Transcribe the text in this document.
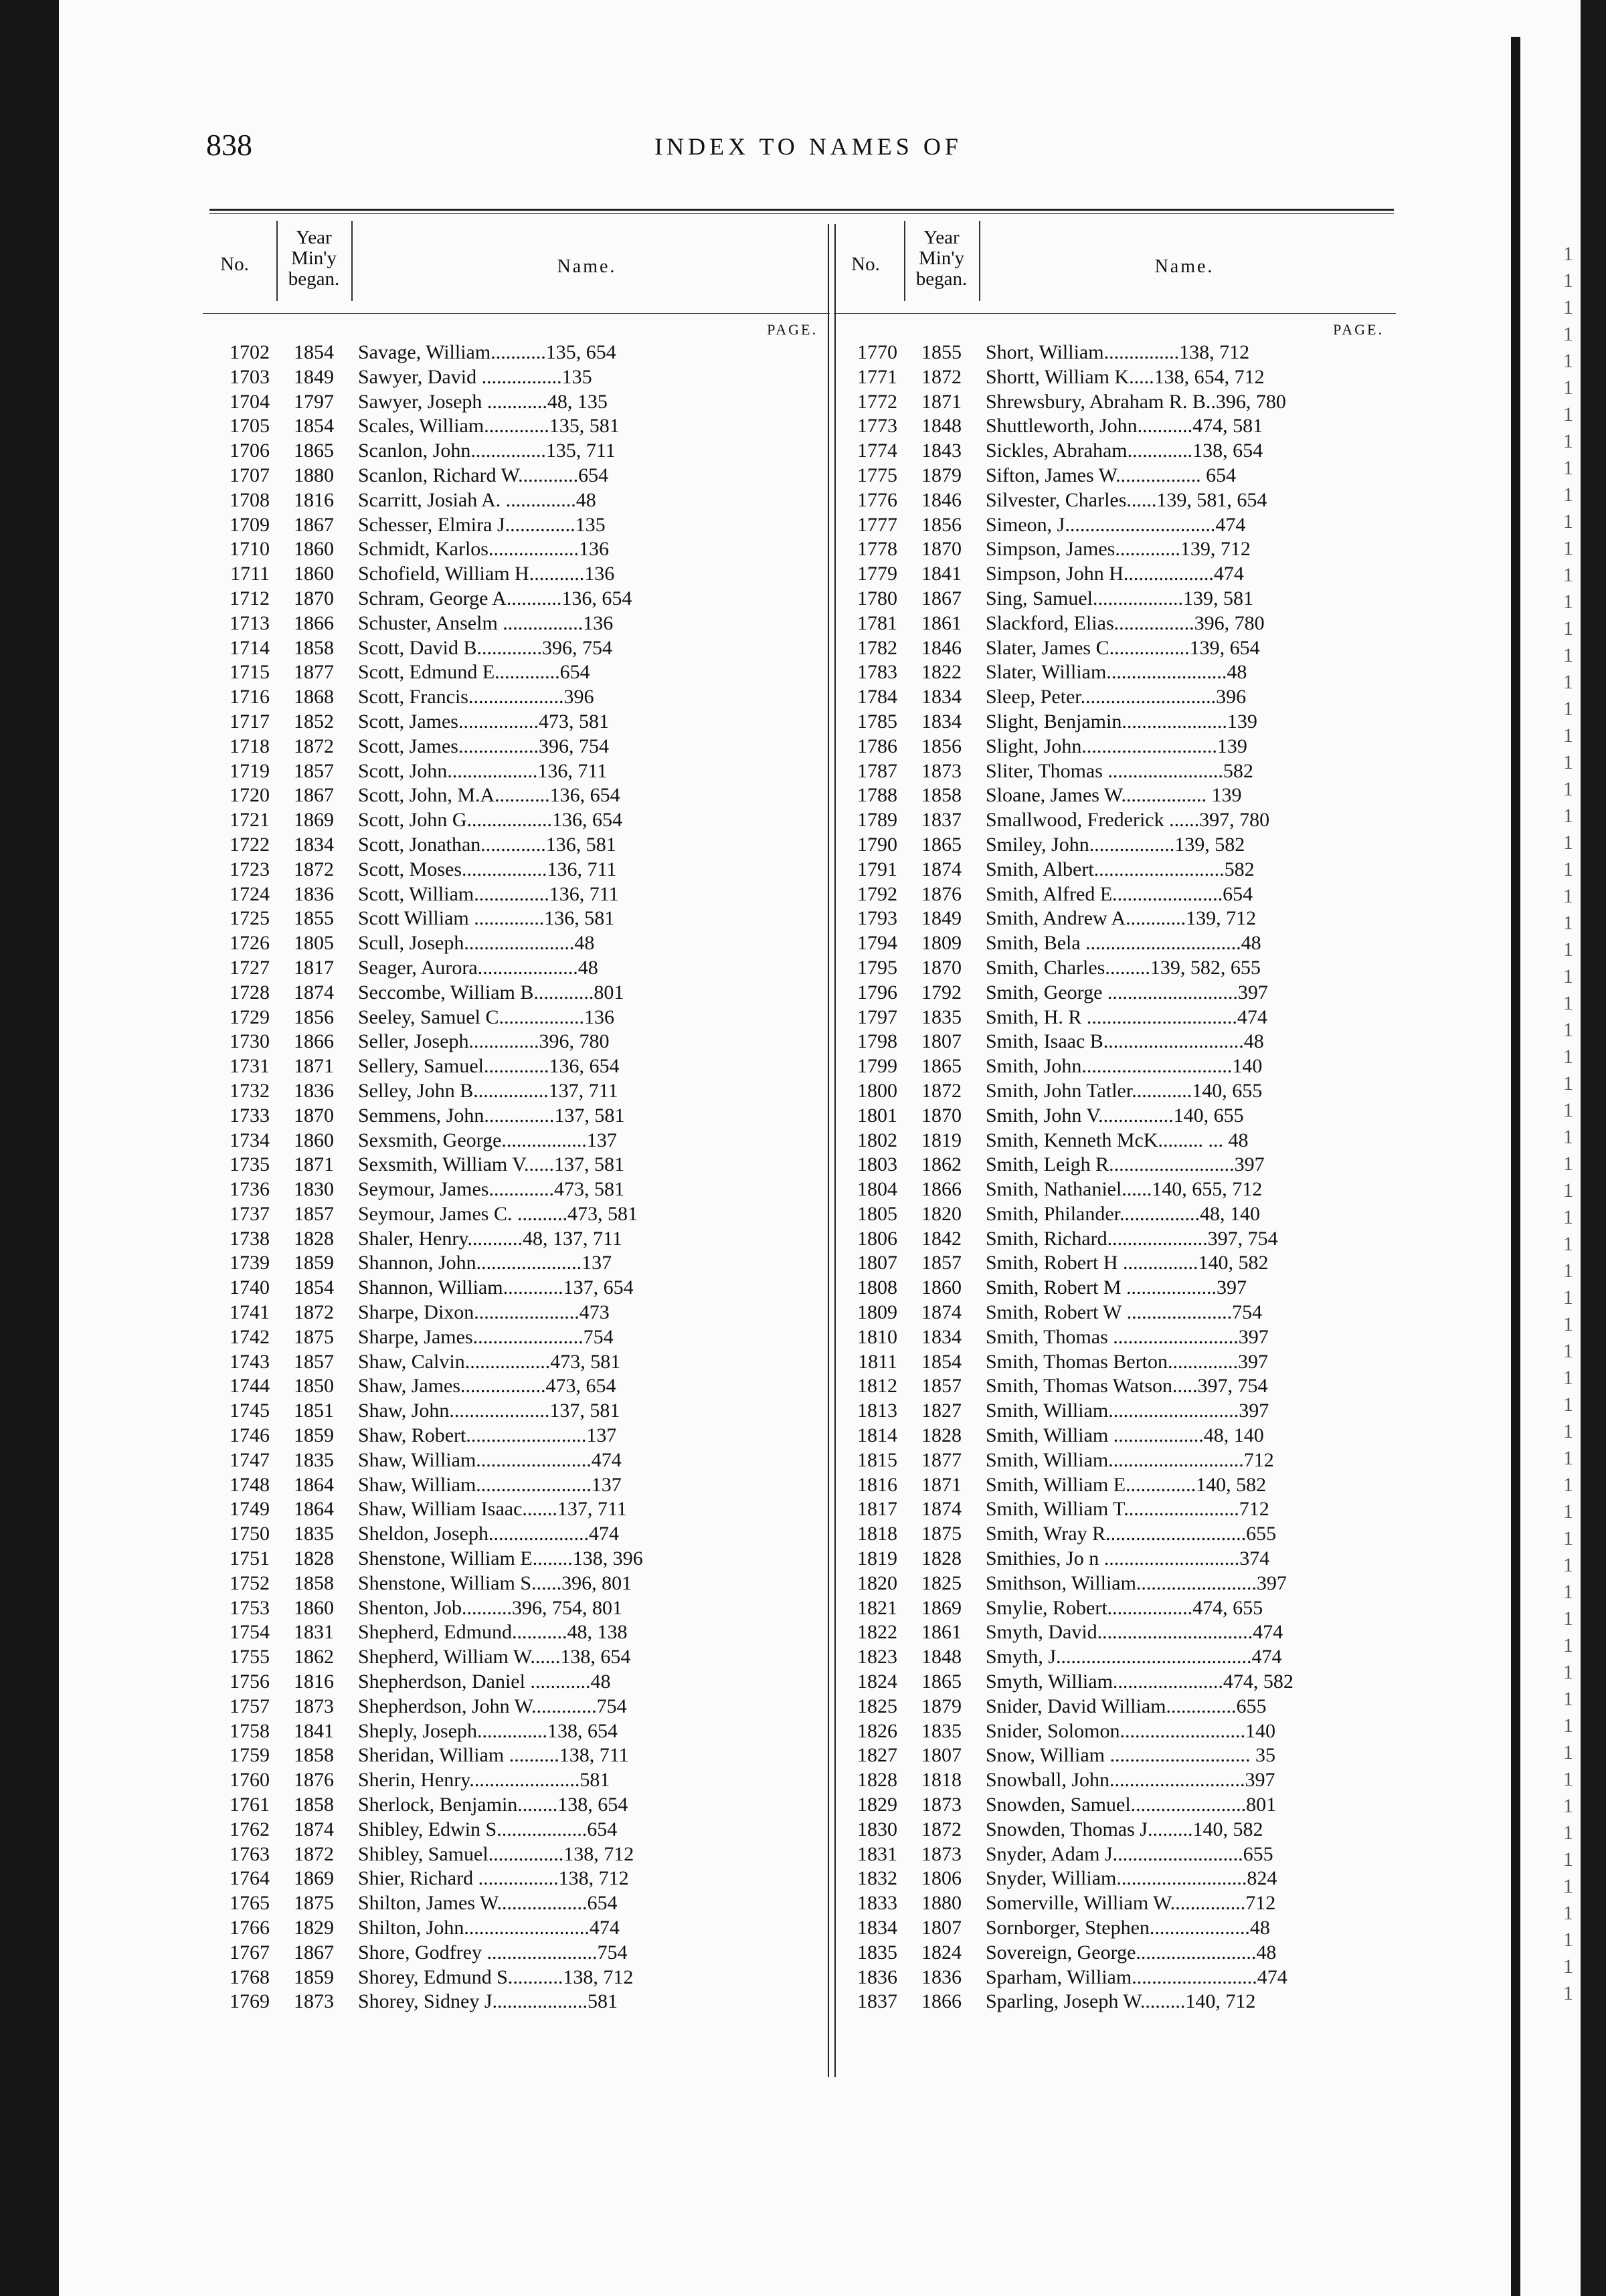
838	INDEX TO NAMES OF
No.
Year
Min'y
began.
Name.
PAGE.
1702	1854	Savage, William...........135, 654
1703	1849	Sawyer, David ................135
1704	1797	Sawyer, Joseph ............48, 135
1705	1854	Scales, William.............135, 581
1706	1865	Scanlon, John...............135, 711
1707	1880	Scanlon, Richard W............654
1708	1816	Scarritt, Josiah A. ..............48
1709	1867	Schesser, Elmira J..............135
1710	1860	Schmidt, Karlos..................136
1711	1860	Schofield, William H...........136
1712	1870	Schram, George A...........136, 654
1713	1866	Schuster, Anselm ................136
1714	1858	Scott, David B.............396, 754
1715	1877	Scott, Edmund E.............654
1716	1868	Scott, Francis...................396
1717	1852	Scott, James................473, 581
1718	1872	Scott, James................396, 754
1719	1857	Scott, John..................136, 711
1720	1867	Scott, John, M.A...........136, 654
1721	1869	Scott, John G.................136, 654
1722	1834	Scott, Jonathan.............136, 581
1723	1872	Scott, Moses.................136, 711
1724	1836	Scott, William...............136, 711
1725	1855	Scott William ..............136, 581
1726	1805	Scull, Joseph......................48
1727	1817	Seager, Aurora....................48
1728	1874	Seccombe, William B............801
1729	1856	Seeley, Samuel C.................136
1730	1866	Seller, Joseph..............396, 780
1731	1871	Sellery, Samuel.............136, 654
1732	1836	Selley, John B...............137, 711
1733	1870	Semmens, John..............137, 581
1734	1860	Sexsmith, George.................137
1735	1871	Sexsmith, William V......137, 581
1736	1830	Seymour, James.............473, 581
1737	1857	Seymour, James C. ..........473, 581
1738	1828	Shaler, Henry...........48, 137, 711
1739	1859	Shannon, John.....................137
1740	1854	Shannon, William............137, 654
1741	1872	Sharpe, Dixon.....................473
1742	1875	Sharpe, James......................754
1743	1857	Shaw, Calvin.................473, 581
1744	1850	Shaw, James.................473, 654
1745	1851	Shaw, John....................137, 581
1746	1859	Shaw, Robert........................137
1747	1835	Shaw, William.......................474
1748	1864	Shaw, William.......................137
1749	1864	Shaw, William Isaac.......137, 711
1750	1835	Sheldon, Joseph....................474
1751	1828	Shenstone, William E........138, 396
1752	1858	Shenstone, William S......396, 801
1753	1860	Shenton, Job..........396, 754, 801
1754	1831	Shepherd, Edmund...........48, 138
1755	1862	Shepherd, William W......138, 654
1756	1816	Shepherdson, Daniel ............48
1757	1873	Shepherdson, John W.............754
1758	1841	Sheply, Joseph..............138, 654
1759	1858	Sheridan, William ..........138, 711
1760	1876	Sherin, Henry......................581
1761	1858	Sherlock, Benjamin........138, 654
1762	1874	Shibley, Edwin S..................654
1763	1872	Shibley, Samuel...............138, 712
1764	1869	Shier, Richard ................138, 712
1765	1875	Shilton, James W..................654
1766	1829	Shilton, John.........................474
1767	1867	Shore, Godfrey ......................754
1768	1859	Shorey, Edmund S...........138, 712
1769	1873	Shorey, Sidney J...................581
No.
Year
Min'y
began.
Name.
PAGE.
1770	1855	Short, William...............138, 712
1771	1872	Shortt, William K.....138, 654, 712
1772	1871	Shrewsbury, Abraham R. B..396, 780
1773	1848	Shuttleworth, John...........474, 581
1774	1843	Sickles, Abraham.............138, 654
1775	1879	Sifton, James W................. 654
1776	1846	Silvester, Charles......139, 581, 654
1777	1856	Simeon, J..............................474
1778	1870	Simpson, James.............139, 712
1779	1841	Simpson, John H..................474
1780	1867	Sing, Samuel..................139, 581
1781	1861	Slackford, Elias................396, 780
1782	1846	Slater, James C................139, 654
1783	1822	Slater, William........................48
1784	1834	Sleep, Peter...........................396
1785	1834	Slight, Benjamin.....................139
1786	1856	Slight, John...........................139
1787	1873	Sliter, Thomas .......................582
1788	1858	Sloane, James W................. 139
1789	1837	Smallwood, Frederick ......397, 780
1790	1865	Smiley, John.................139, 582
1791	1874	Smith, Albert..........................582
1792	1876	Smith, Alfred E......................654
1793	1849	Smith, Andrew A............139, 712
1794	1809	Smith, Bela ...............................48
1795	1870	Smith, Charles.........139, 582, 655
1796	1792	Smith, George ..........................397
1797	1835	Smith, H. R ..............................474
1798	1807	Smith, Isaac B............................48
1799	1865	Smith, John..............................140
1800	1872	Smith, John Tatler............140, 655
1801	1870	Smith, John V...............140, 655
1802	1819	Smith, Kenneth McK......... ... 48
1803	1862	Smith, Leigh R.........................397
1804	1866	Smith, Nathaniel......140, 655, 712
1805	1820	Smith, Philander................48, 140
1806	1842	Smith, Richard....................397, 754
1807	1857	Smith, Robert H ...............140, 582
1808	1860	Smith, Robert M ..................397
1809	1874	Smith, Robert W .....................754
1810	1834	Smith, Thomas .........................397
1811	1854	Smith, Thomas Berton..............397
1812	1857	Smith, Thomas Watson.....397, 754
1813	1827	Smith, William..........................397
1814	1828	Smith, William ..................48, 140
1815	1877	Smith, William...........................712
1816	1871	Smith, William E..............140, 582
1817	1874	Smith, William T.......................712
1818	1875	Smith, Wray R............................655
1819	1828	Smithies, Jo n ...........................374
1820	1825	Smithson, William........................397
1821	1869	Smylie, Robert.................474, 655
1822	1861	Smyth, David...............................474
1823	1848	Smyth, J.......................................474
1824	1865	Smyth, William......................474, 582
1825	1879	Snider, David William..............655
1826	1835	Snider, Solomon.........................140
1827	1807	Snow, William ............................ 35
1828	1818	Snowball, John...........................397
1829	1873	Snowden, Samuel.......................801
1830	1872	Snowden, Thomas J.........140, 582
1831	1873	Snyder, Adam J..........................655
1832	1806	Snyder, William..........................824
1833	1880	Somerville, William W...............712
1834	1807	Sornborger, Stephen....................48
1835	1824	Sovereign, George........................48
1836	1836	Sparham, William.........................474
1837	1866	Sparling, Joseph W.........140, 712
1
1
1
1
1
1
1
1
1
1
1
1
1
1
1
1
1
1
1
1
1
1
1
1
1
1
1
1
1
1
1
1
1
1
1
1
1
1
1
1
1
1
1
1
1
1
1
1
1
1
1
1
1
1
1
1
1
1
1
1
1
1
1
1
1
1
